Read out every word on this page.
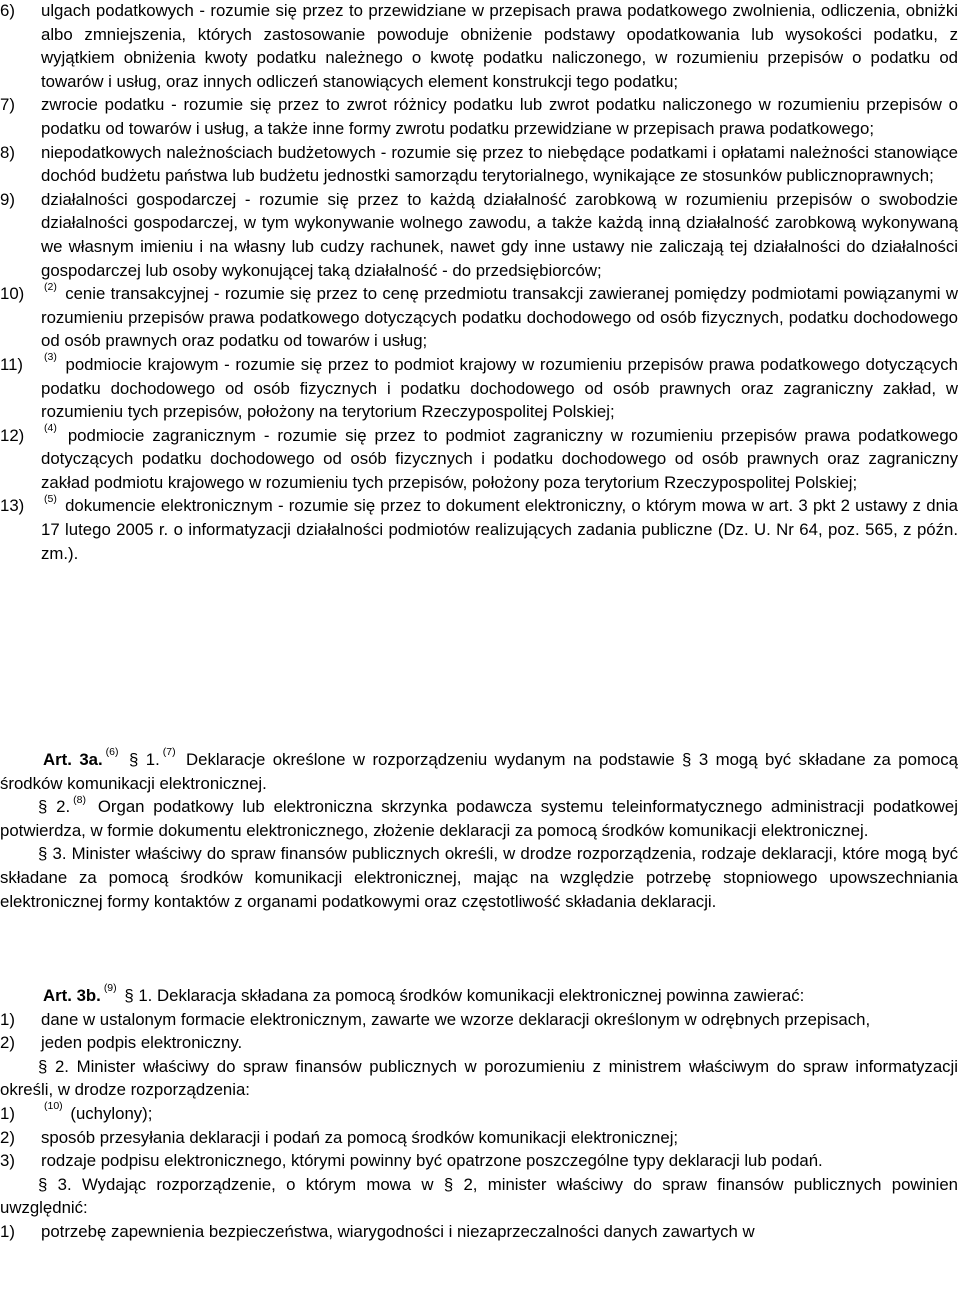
6) ulgach podatkowych - rozumie się przez to przewidziane w przepisach prawa podatkowego zwolnienia, odliczenia, obniżki albo zmniejszenia, których zastosowanie powoduje obniżenie podstawy opodatkowania lub wysokości podatku, z wyjątkiem obniżenia kwoty podatku należnego o kwotę podatku naliczonego, w rozumieniu przepisów o podatku od towarów i usług, oraz innych odliczeń stanowiących element konstrukcji tego podatku;
7) zwrocie podatku - rozumie się przez to zwrot różnicy podatku lub zwrot podatku naliczonego w rozumieniu przepisów o podatku od towarów i usług, a także inne formy zwrotu podatku przewidziane w przepisach prawa podatkowego;
8) niepodatkowych należnościach budżetowych - rozumie się przez to niebędące podatkami i opłatami należności stanowiące dochód budżetu państwa lub budżetu jednostki samorządu terytorialnego, wynikające ze stosunków publicznoprawnych;
9) działalności gospodarczej - rozumie się przez to każdą działalność zarobkową w rozumieniu przepisów o swobodzie działalności gospodarczej, w tym wykonywanie wolnego zawodu, a także każdą inną działalność zarobkową wykonywaną we własnym imieniu i na własny lub cudzy rachunek, nawet gdy inne ustawy nie zaliczają tej działalności do działalności gospodarczej lub osoby wykonującej taką działalność - do przedsiębiorców;
10) $^{(2)}$ cenie transakcyjnej - rozumie się przez to cenę przedmiotu transakcji zawieranej pomiędzy podmiotami powiązanymi w rozumieniu przepisów prawa podatkowego dotyczących podatku dochodowego od osób fizycznych, podatku dochodowego od osób prawnych oraz podatku od towarów i usług;
11) $^{(3)}$ podmiocie krajowym - rozumie się przez to podmiot krajowy w rozumieniu przepisów prawa podatkowego dotyczących podatku dochodowego od osób fizycznych i podatku dochodowego od osób prawnych oraz zagraniczny zakład, w rozumieniu tych przepisów, położony na terytorium Rzeczypospolitej Polskiej;
12) $^{(4)}$ podmiocie zagranicznym - rozumie się przez to podmiot zagraniczny w rozumieniu przepisów prawa podatkowego dotyczących podatku dochodowego od osób fizycznych i podatku dochodowego od osób prawnych oraz zagraniczny zakład podmiotu krajowego w rozumieniu tych przepisów, położony poza terytorium Rzeczypospolitej Polskiej;
13) $^{(5)}$ dokumencie elektronicznym - rozumie się przez to dokument elektroniczny, o którym mowa w art. 3 pkt 2 ustawy z dnia 17 lutego 2005 r. o informatyzacji działalności podmiotów realizujących zadania publiczne (Dz. U. Nr 64, poz. 565, z późn. zm.).
Art. 3a. $^{(6)}$ § 1. $^{(7)}$ Deklaracje określone w rozporządzeniu wydanym na podstawie § 3 mogą być składane za pomocą środków komunikacji elektronicznej.
§ 2. $^{(8)}$ Organ podatkowy lub elektroniczna skrzynka podawcza systemu teleinformatycznego administracji podatkowej potwierdza, w formie dokumentu elektronicznego, złożenie deklaracji za pomocą środków komunikacji elektronicznej.
§ 3. Minister właściwy do spraw finansów publicznych określi, w drodze rozporządzenia, rodzaje deklaracji, które mogą być składane za pomocą środków komunikacji elektronicznej, mając na względzie potrzebę stopniowego upowszechniania elektronicznej formy kontaktów z organami podatkowymi oraz częstotliwość składania deklaracji.
Art. 3b. $^{(9)}$ § 1. Deklaracja składana za pomocą środków komunikacji elektronicznej powinna zawierać:
1) dane w ustalonym formacie elektronicznym, zawarte we wzorze deklaracji określonym w odrębnych przepisach,
2) jeden podpis elektroniczny.
§ 2. Minister właściwy do spraw finansów publicznych w porozumieniu z ministrem właściwym do spraw informatyzacji określi, w drodze rozporządzenia:
1)	$^{(10)}$ (uchylony);
2) sposób przesyłania deklaracji i podań za pomocą środków komunikacji elektronicznej;
3) rodzaje podpisu elektronicznego, którymi powinny być opatrzone poszczególne typy deklaracji lub podań.
§ 3. Wydając rozporządzenie, o którym mowa w § 2, minister właściwy do spraw finansów publicznych powinien uwzględnić:
1) potrzebę zapewnienia bezpieczeństwa, wiarygodności i niezaprzeczalności danych zawartych w
